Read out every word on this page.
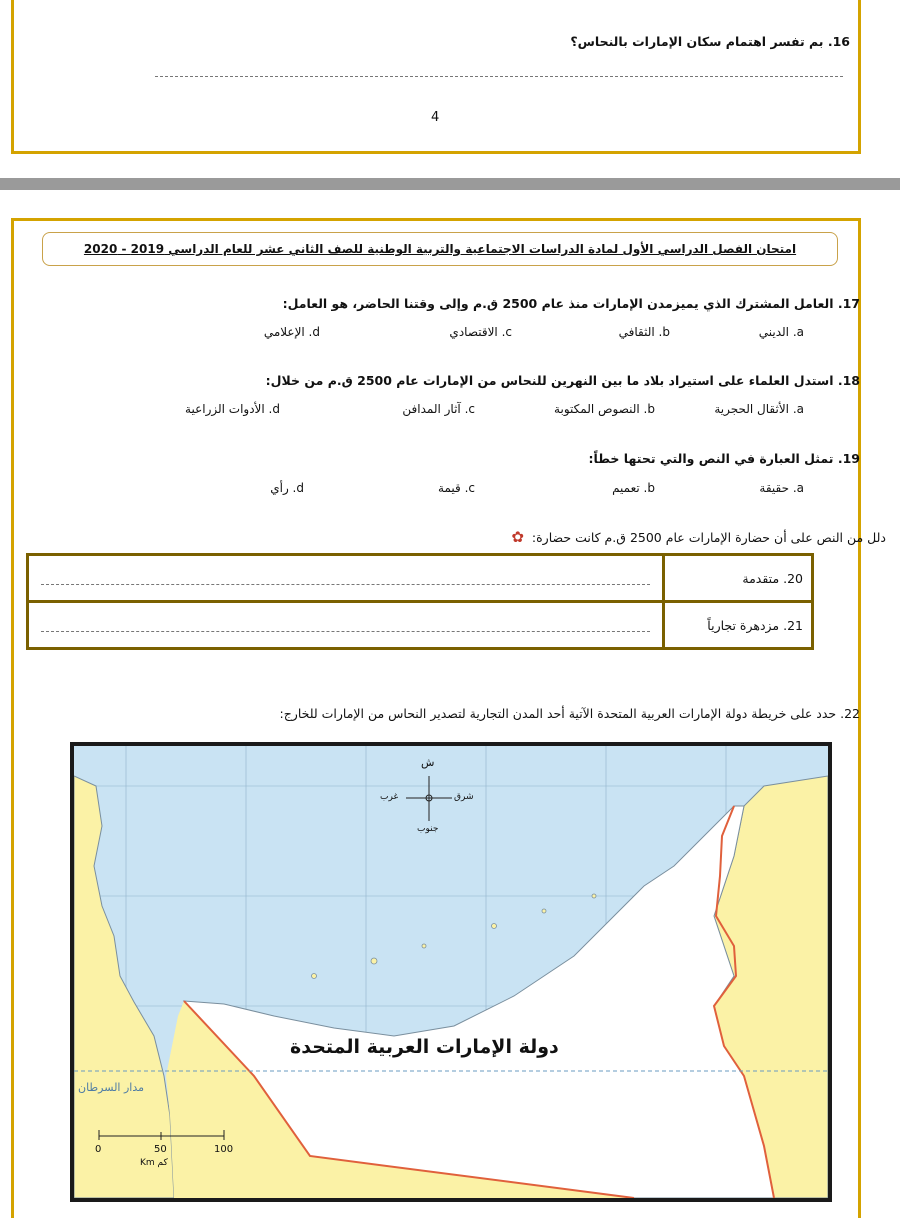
16. بم تفسر اهتمام سكان الإمارات بالنحاس؟
4
امتحان الفصل الدراسي الأول لمادة الدراسات الاجتماعية والتربية الوطنية للصف الثاني عشر للعام الدراسي 2019 - 2020
17. العامل المشترك الذي يميزمدن الإمارات منذ عام 2500 ق.م وإلى وقتنا الحاضر، هو العامل:
a. الديني
b. الثقافي
c. الاقتصادي
d. الإعلامي
18. استدل العلماء على استيراد بلاد ما بين النهرين للنحاس من الإمارات عام 2500 ق.م من خلال:
a. الأثقال الحجرية
b. النصوص المكتوبة
c. آثار المدافن
d. الأدوات الزراعية
19. تمثل العبارة في النص والتي تحتها خطاً:
a. حقيقة
b. تعميم
c. قيمة
d. رأي
دلل من النص على أن حضارة الإمارات عام 2500 ق.م كانت حضارة: ✿
20. متقدمة	

21. مزدهرة تجارياً	
22. حدد على خريطة دولة الإمارات العربية المتحدة الآتية أحد المدن التجارية لتصدير النحاس من الإمارات للخارج:
دولة الإمارات العربية المتحدة
مدار السرطان
ش
شرق
غرب
جنوب
0	50	100
كم Km
